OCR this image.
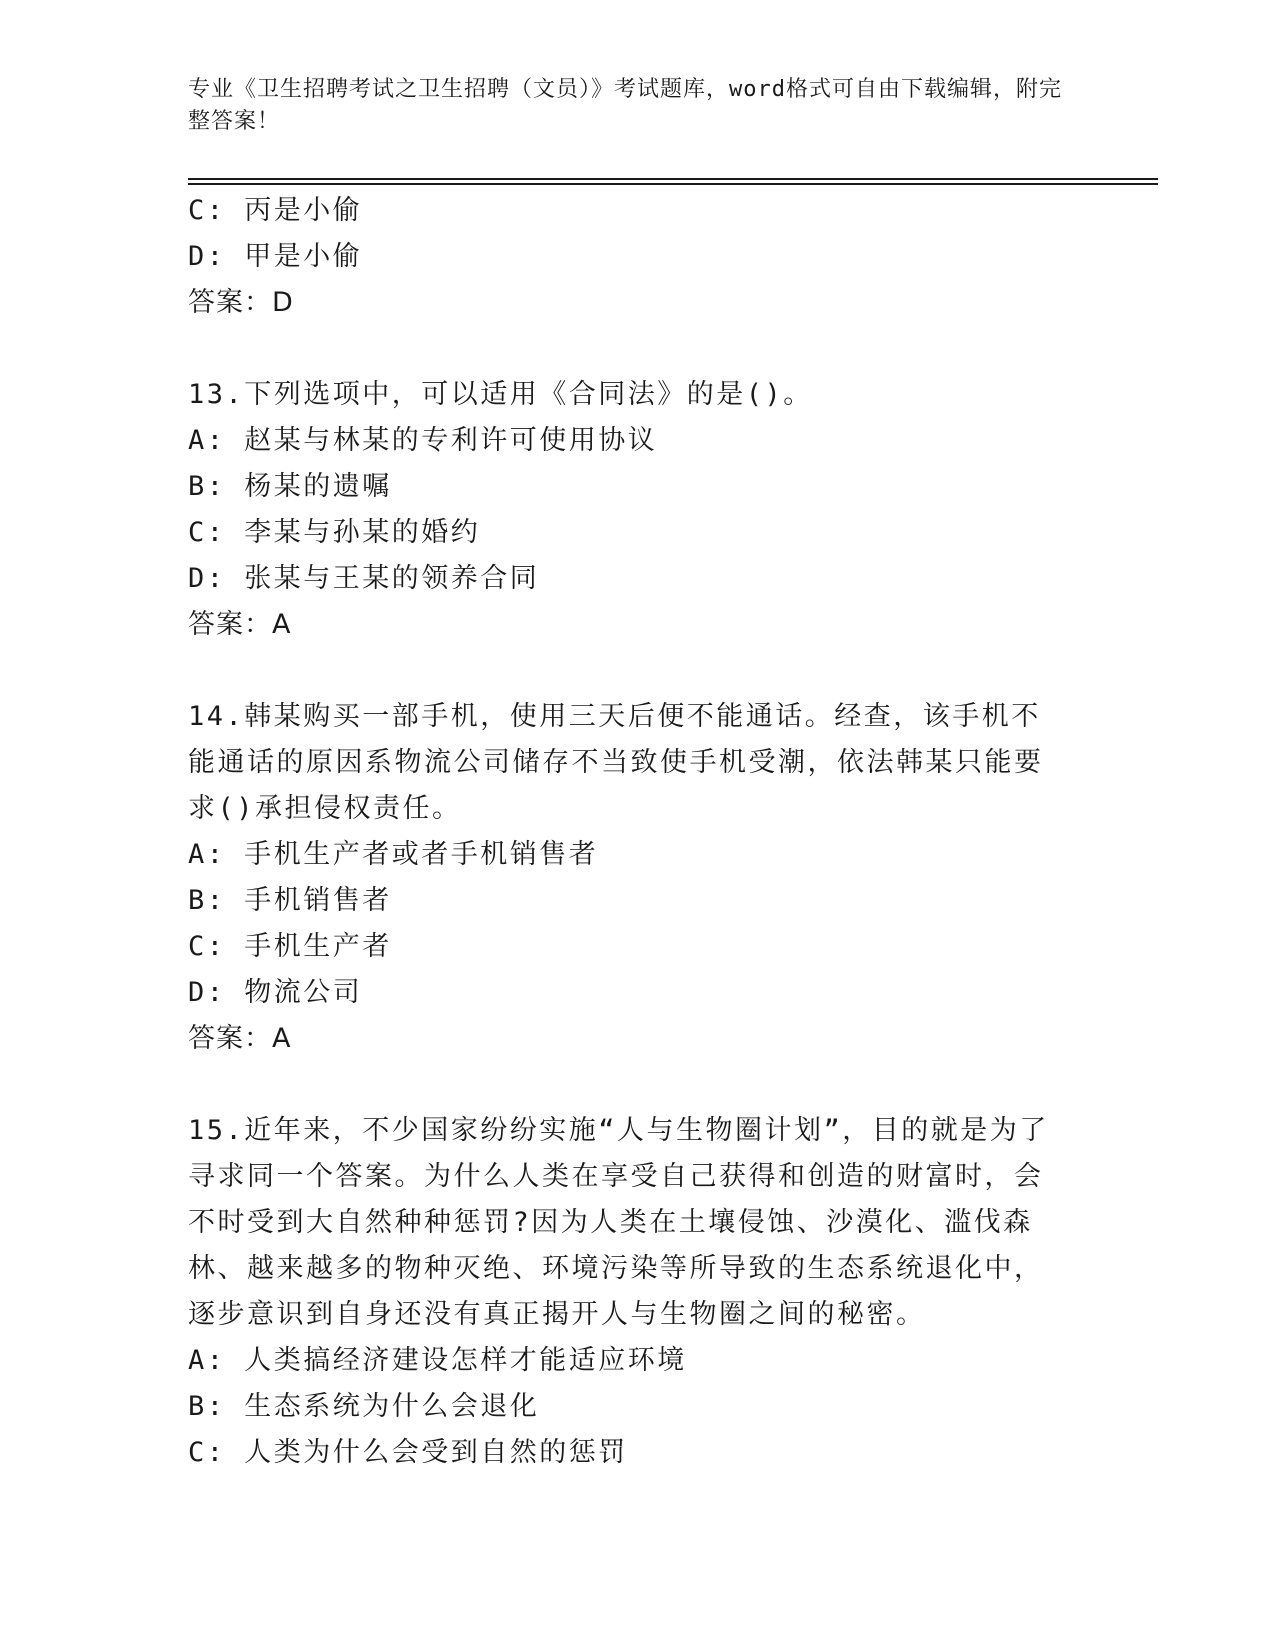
专业《卫生招聘考试之卫生招聘（文员）》考试题库，word格式可自由下载编辑，附完整答案！
C: 丙是小偷
D: 甲是小偷
答案：D
13.下列选项中，可以适用《合同法》的是()。
A: 赵某与林某的专利许可使用协议
B: 杨某的遗嘱
C: 李某与孙某的婚约
D: 张某与王某的领养合同
答案：A
14.韩某购买一部手机，使用三天后便不能通话。经查，该手机不能通话的原因系物流公司储存不当致使手机受潮，依法韩某只能要求()承担侵权责任。
A: 手机生产者或者手机销售者
B: 手机销售者
C: 手机生产者
D: 物流公司
答案：A
15.近年来，不少国家纷纷实施“人与生物圈计划”，目的就是为了寻求同一个答案。为什么人类在享受自己获得和创造的财富时，会不时受到大自然种种惩罚?因为人类在土壤侵蚀、沙漠化、滥伐森林、越来越多的物种灭绝、环境污染等所导致的生态系统退化中，逐步意识到自身还没有真正揭开人与生物圈之间的秘密。
A: 人类搞经济建设怎样才能适应环境
B: 生态系统为什么会退化
C: 人类为什么会受到自然的惩罚
